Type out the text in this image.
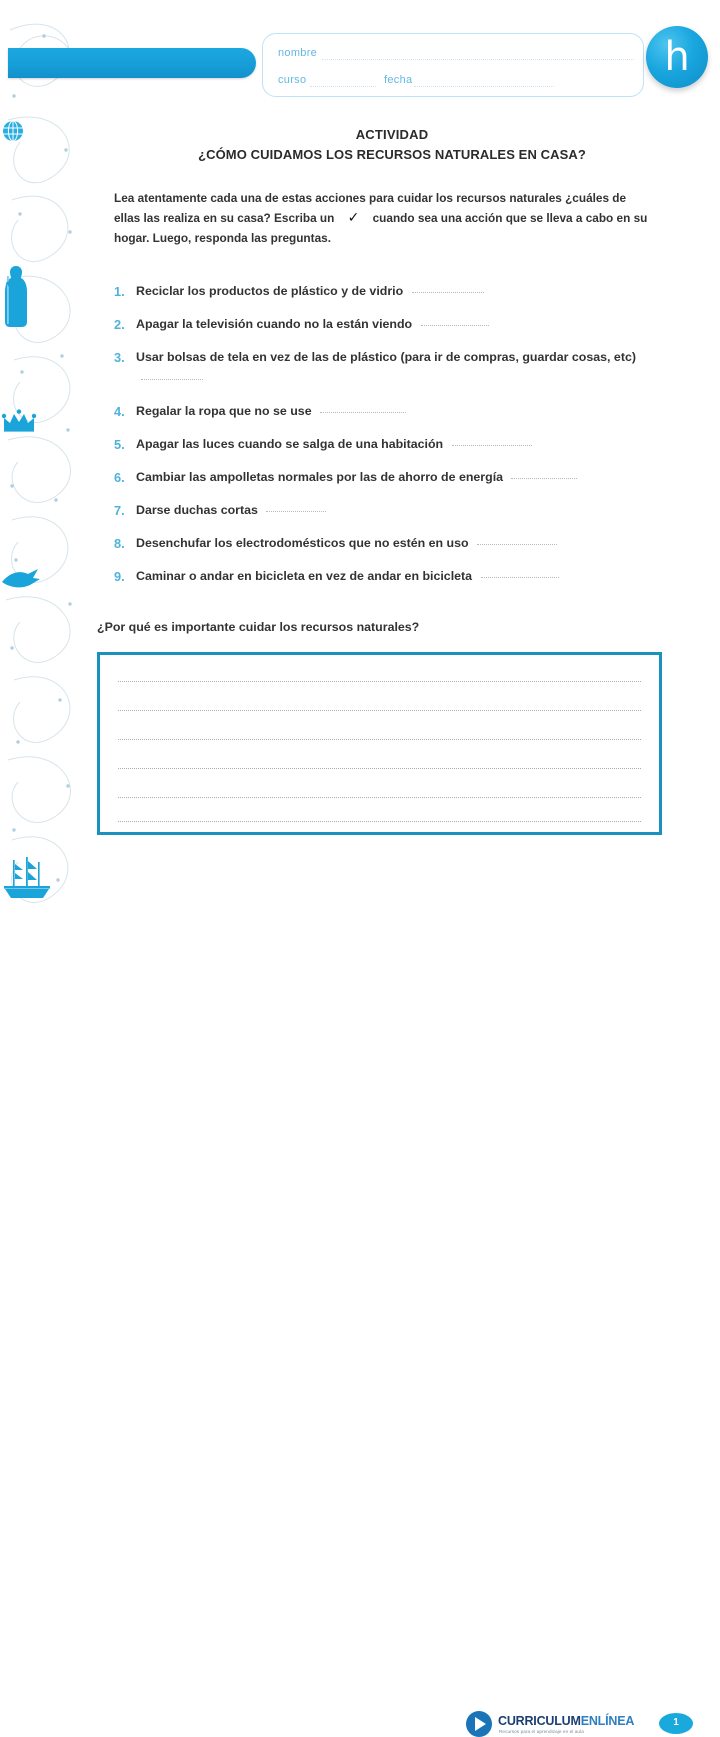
historia • 4º básico
nombre
curso	fecha	h
ACTIVIDAD
¿CÓMO CUIDAMOS LOS RECURSOS NATURALES EN CASA?
Lea atentamente cada una de estas acciones para cuidar los recursos naturales ¿cuáles de ellas las realiza en su casa? Escriba un ✓ cuando sea una acción que se lleva a cabo en su hogar. Luego, responda las preguntas.
1. Reciclar los productos de plástico y de vidrio
2. Apagar la televisión cuando no la están viendo
3. Usar bolsas de tela en vez de las de plástico (para ir de compras, guardar cosas, etc)
4. Regalar la ropa que no se use
5. Apagar las luces cuando se salga de una habitación
6. Cambiar las ampolletas normales por las de ahorro de energía
7. Darse duchas cortas
8. Desenchufar los electrodomésticos que no estén en uso
9. Caminar o andar en bicicleta en vez de andar en bicicleta
¿Por qué es importante cuidar los recursos naturales?
CURRICULUMENLÍNEA
Recursos para el aprendizaje en el aula
1
